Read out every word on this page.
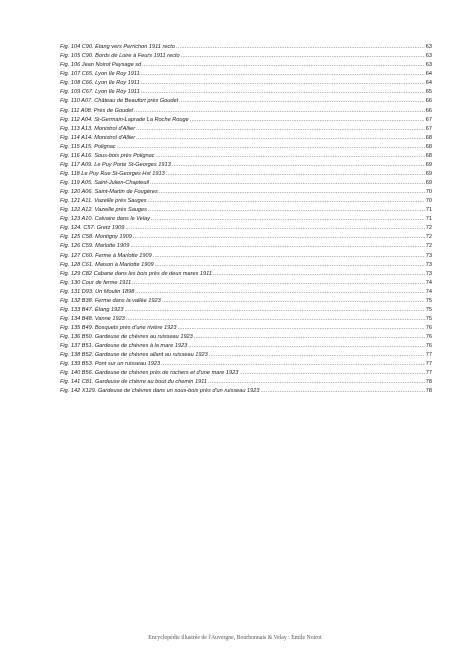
Fig. 104 C90. Etang vers Perrichon 1911 recto .....	63
Fig. 105 C90. Bords de Loire à Feurs 1911 recto .....	63
Fig. 106 Jean Noirot Paysage sd .....	63
Fig. 107 C65. Lyon Ile Roy 1911 .....	64
Fig. 108 C66. Lyon Ile Roy 1911 .....	64
Fig. 109 C67. Lyon Ile Roy 1911 .....	65
Fig. 110 A07. Château de Beaufort près Goudet .....	66
Fig. 111 A08. Près de Goudet .....	66
Fig. 112 A04. St-Germain-Laprade La Roche Rouge .....	67
Fig. 113 A13. Monistrol d'Allier .....	67
Fig. 114 A14. Monistrol d'Allier .....	68
Fig. 115 A15. Polignac .....	68
Fig. 116 A16. Sous-bois près Polignac .....	68
Fig. 117 A09. Le Puy Porte St-Georges 1913 .....	69
Fig. 118 Le Puy Rue St-Georges Hst 1913 .....	69
Fig. 119 A05. Saint-Julien-Chapteuil .....	69
Fig. 120 A06. Saint-Martin de Fougères .....	70
Fig. 121 A11. Vazeille près Sauges .....	70
Fig. 122 A12. Vazeille près Sauges .....	71
Fig. 123 A10. Calvaire dans le Velay .....	71
Fig. 124. C57. Gretz 1909 .....	72
Fig. 125 C58. Montigny 1909 .....	72
Fig. 126 C59. Marlotte 1909 .....	72
Fig. 127 C60. Ferme à Marlotte 1909 .....	73
Fig. 128 C61. Maison à Marlotte 1909 .....	73
Fig. 129 C82 Cabane dans les bois près de deux mares 1911 .....	73
Fig. 130 Cour de ferme 1911 .....	74
Fig. 131 D93. Un Moulin 1898 .....	74
Fig. 132 B38. Ferme dans la vallée 1923 .....	75
Fig. 133 B47. Étang 1923 .....	75
Fig. 134 B48. Vanne 1923 .....	75
Fig. 135 B49. Bosquets près d'une rivière 1923 .....	76
Fig. 136 B50. Gardeuse de chèvres au ruisseau 1923 .....	76
Fig. 137 B51. Gardeuse de chèvres à la mare 1923 .....	76
Fig. 138 B52. Gardeuse de chèvres allant au ruisseau 1923 .....	77
Fig. 139 B53. Pont sur un ruisseau 1923 .....	77
Fig. 140 B56. Gardeuse de chèvres près de rochers et d'une mare 1923 .....	77
Fig. 141 C81. Gardeuse de chèvre au bout du chemin 1911 .....	78
Fig. 142 X129. Gardeuse de chèvres dans un sous-bois près d'un ruisseau 1923 .....	78
Encyclopédie illustrée de l'Auvergne, Bourbonnais & Velay : Émile Noirot
